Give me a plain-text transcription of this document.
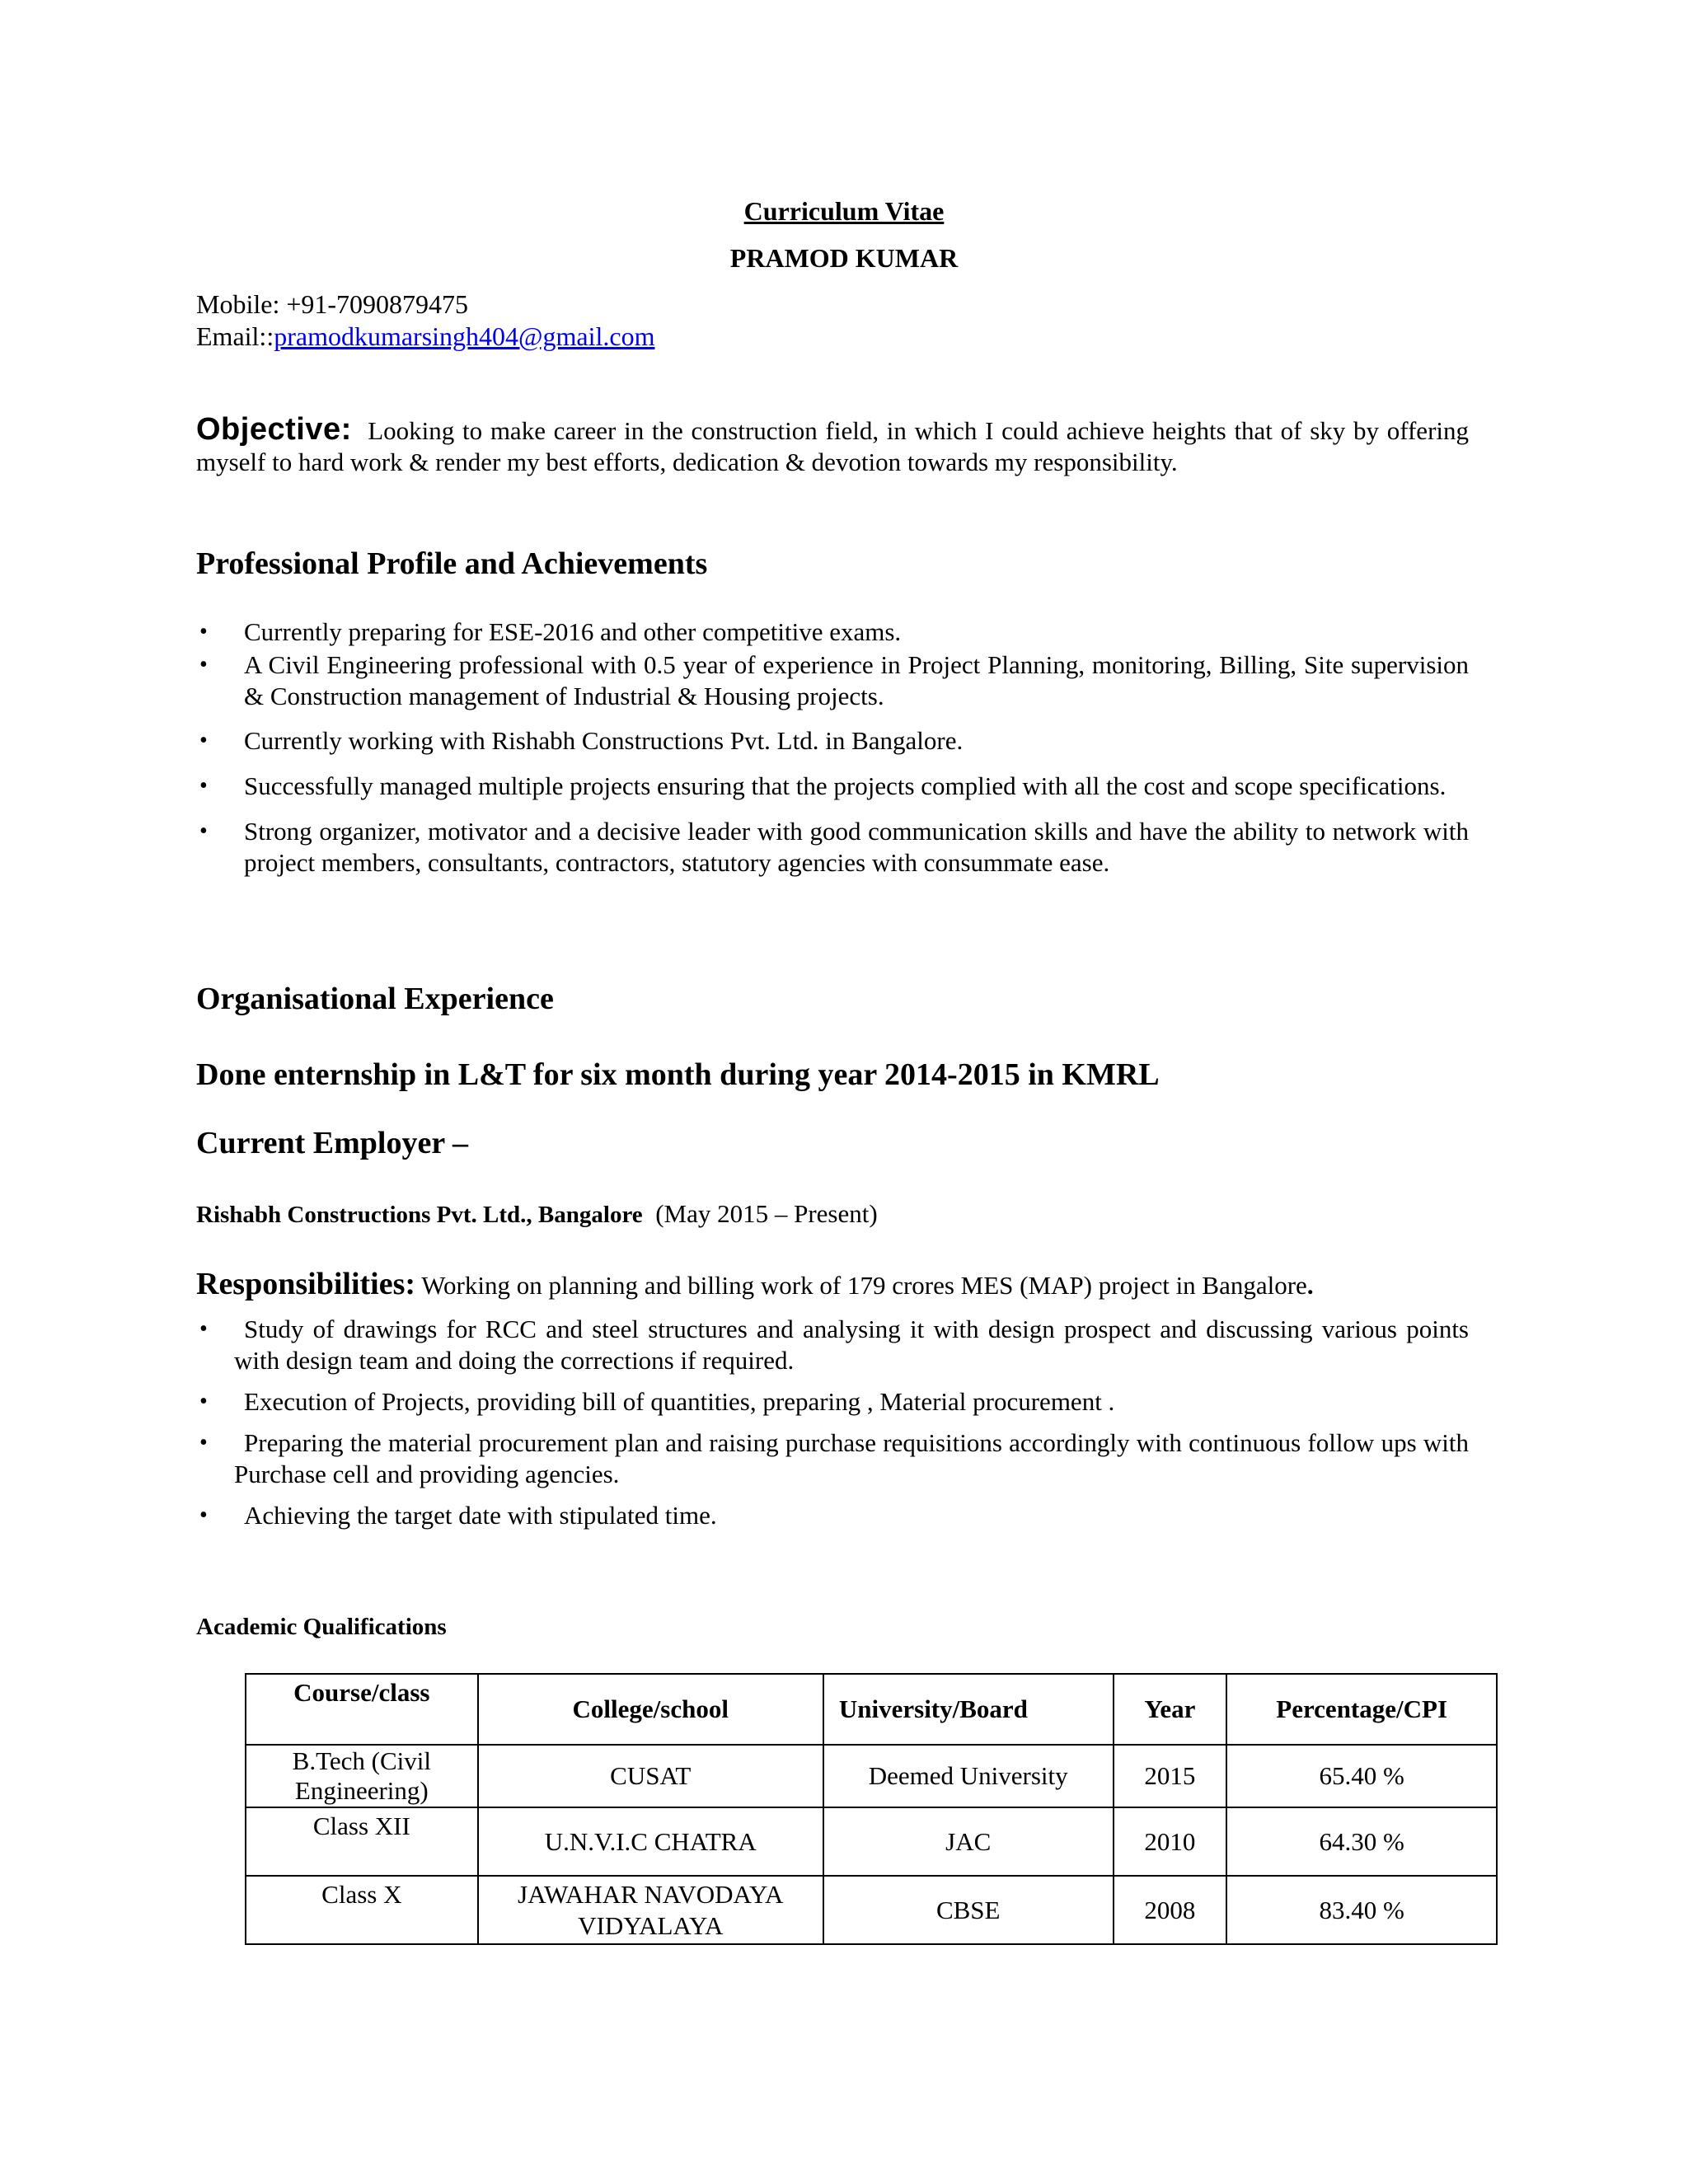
Curriculum Vitae
PRAMOD KUMAR
Mobile: +91-7090879475
Email::pramodkumarsingh404@gmail.com
Objective: Looking to make career in the construction field, in which I could achieve heights that of sky by offering myself to hard work & render my best efforts, dedication & devotion towards my responsibility.
Professional Profile and Achievements
• Currently preparing for ESE-2016 and other competitive exams.
• A Civil Engineering professional with 0.5 year of experience in Project Planning, monitoring, Billing, Site supervision & Construction management of Industrial & Housing projects.
• Currently working with Rishabh Constructions Pvt. Ltd. in Bangalore.
• Successfully managed multiple projects ensuring that the projects complied with all the cost and scope specifications.
• Strong organizer, motivator and a decisive leader with good communication skills and have the ability to network with project members, consultants, contractors, statutory agencies with consummate ease.
Organisational Experience
Done enternship in L&T for six month during year 2014-2015 in KMRL
Current Employer –
Rishabh Constructions Pvt. Ltd., Bangalore (May 2015 – Present)
Responsibilities: Working on planning and billing work of 179 crores MES (MAP) project in Bangalore.
• Study of drawings for RCC and steel structures and analysing it with design prospect and discussing various points with design team and doing the corrections if required.
• Execution of Projects, providing bill of quantities, preparing , Material procurement .
• Preparing the material procurement plan and raising purchase requisitions accordingly with continuous follow ups with Purchase cell and providing agencies.
• Achieving the target date with stipulated time.
Academic Qualifications
Course/class	College/school	University/Board	Year	Percentage/CPI
B.Tech (Civil Engineering)	CUSAT	Deemed University	2015	65.40 %
Class XII	U.N.V.I.C CHATRA	JAC	2010	64.30 %
Class X	JAWAHAR NAVODAYA VIDYALAYA	CBSE	2008	83.40 %
